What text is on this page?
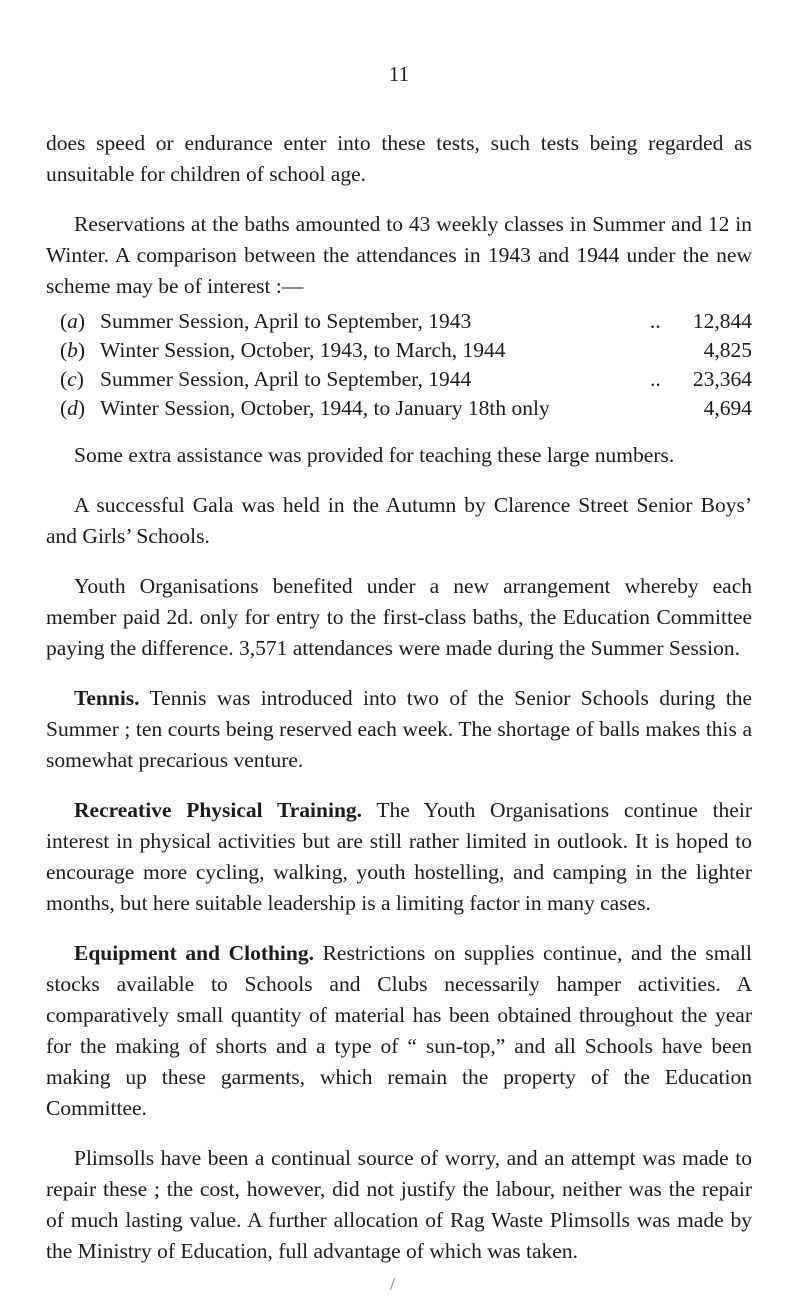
11

does speed or endurance enter into these tests, such tests being regarded as unsuitable for children of school age.

Reservations at the baths amounted to 43 weekly classes in Summer and 12 in Winter. A comparison between the attendances in 1943 and 1944 under the new scheme may be of interest :—

(a) Summer Session, April to September, 1943	..	12,844
(b) Winter Session, October, 1943, to March, 1944	4,825
(c) Summer Session, April to September, 1944	..	23,364
(d) Winter Session, October, 1944, to January 18th only	4,694

Some extra assistance was provided for teaching these large numbers.

A successful Gala was held in the Autumn by Clarence Street Senior Boys’ and Girls’ Schools.

Youth Organisations benefited under a new arrangement whereby each member paid 2d. only for entry to the first-class baths, the Education Committee paying the difference. 3,571 attendances were made during the Summer Session.

Tennis. Tennis was introduced into two of the Senior Schools during the Summer ; ten courts being reserved each week. The shortage of balls makes this a somewhat precarious venture.

Recreative Physical Training. The Youth Organisations continue their interest in physical activities but are still rather limited in outlook. It is hoped to encourage more cycling, walking, youth hostelling, and camping in the lighter months, but here suitable leadership is a limiting factor in many cases.

Equipment and Clothing. Restrictions on supplies continue, and the small stocks available to Schools and Clubs necessarily hamper activities. A comparatively small quantity of material has been obtained throughout the year for the making of shorts and a type of “ sun-top,” and all Schools have been making up these garments, which remain the property of the Education Committee.

Plimsolls have been a continual source of worry, and an attempt was made to repair these ; the cost, however, did not justify the labour, neither was the repair of much lasting value. A further allocation of Rag Waste Plimsolls was made by the Ministry of Education, full advantage of which was taken.

/
